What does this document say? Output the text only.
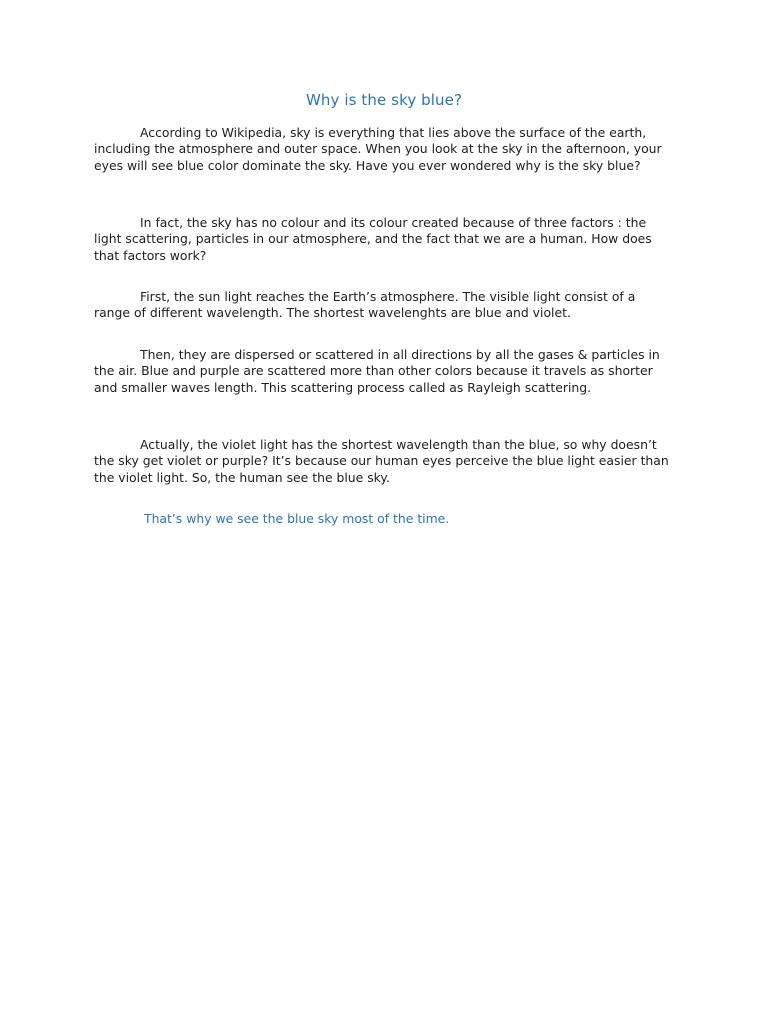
Why is the sky blue?

According to Wikipedia, sky is everything that lies above the surface of the earth, including the atmosphere and outer space. When you look at the sky in the afternoon, your eyes will see blue color dominate the sky. Have you ever wondered why is the sky blue?

In fact, the sky has no colour and its colour created because of three factors : the light scattering, particles in our atmosphere, and the fact that we are a human. How does that factors work?

First, the sun light reaches the Earth’s atmosphere. The visible light consist of a range of different wavelength. The shortest wavelenghts are blue and violet.

Then, they are dispersed or scattered in all directions by all the gases & particles in the air. Blue and purple are scattered more than other colors because it travels as shorter and smaller waves length. This scattering process called as Rayleigh scattering.

Actually, the violet light has the shortest wavelength than the blue, so why doesn’t the sky get violet or purple? It’s because our human eyes perceive the blue light easier than the violet light. So, the human see the blue sky.

That’s why we see the blue sky most of the time.
